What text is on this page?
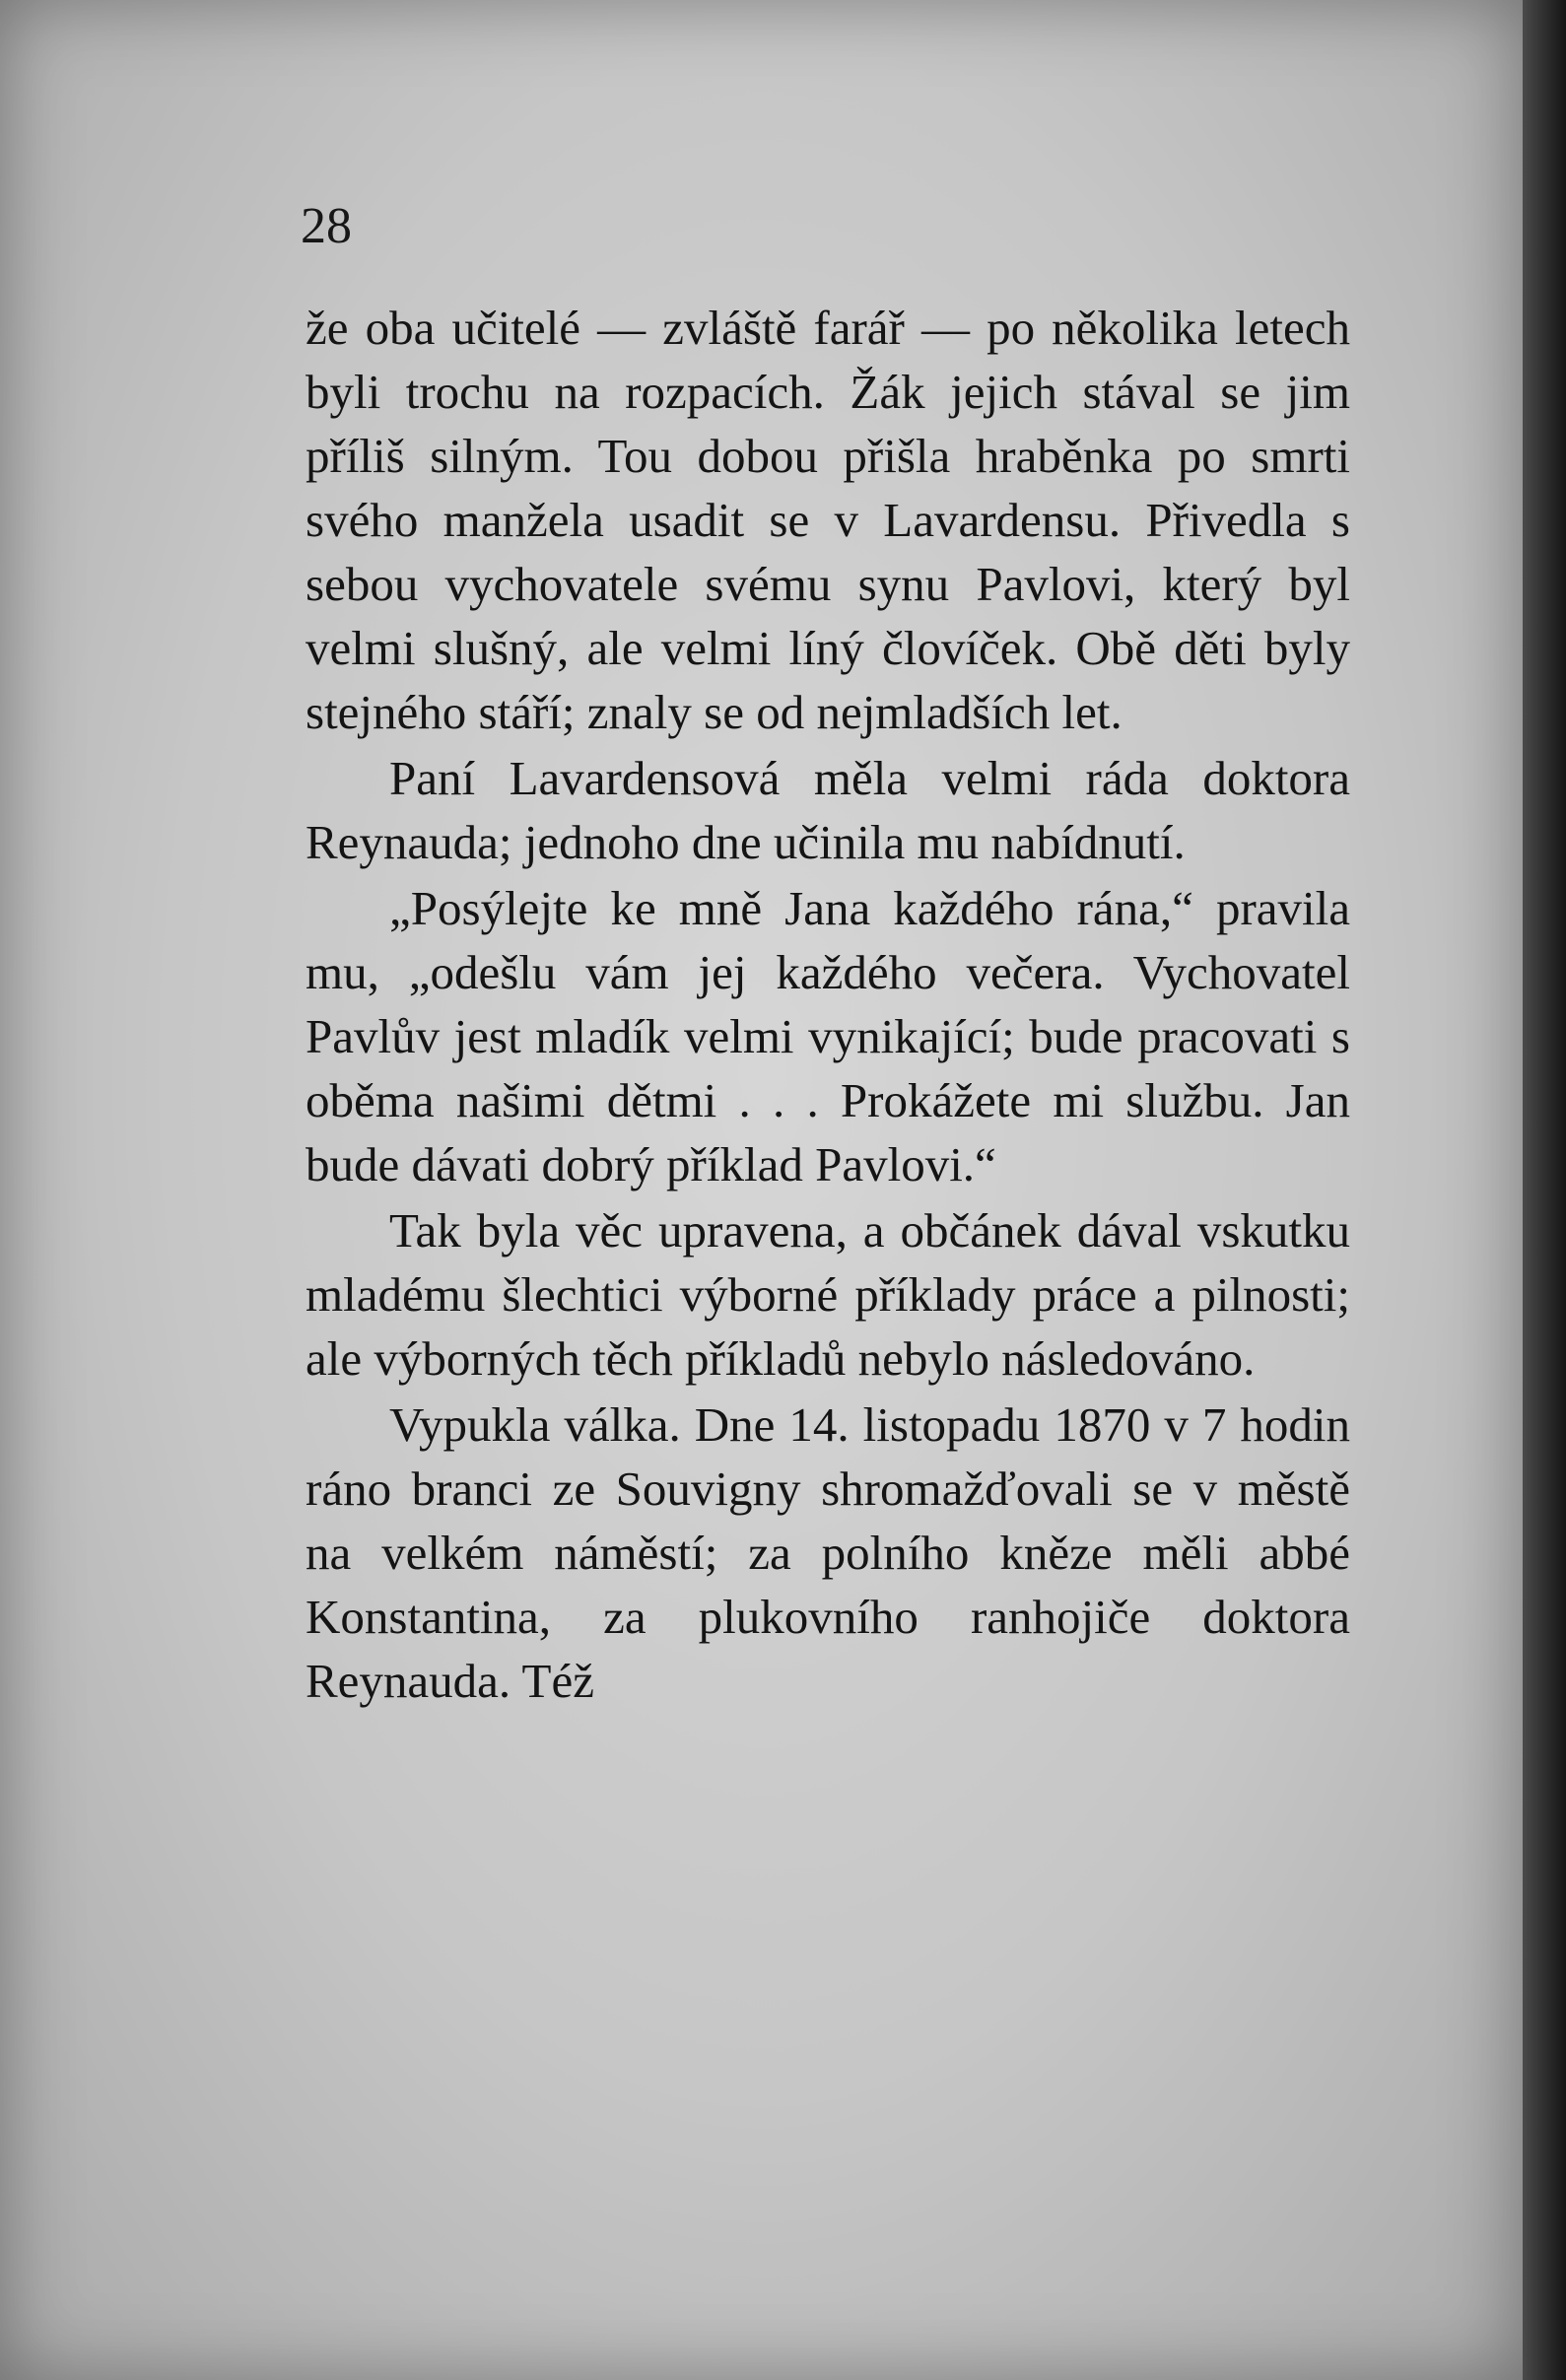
28

že oba učitelé — zvláště farář — po několika letech byli trochu na rozpacích. Žák jejich stával se jim příliš silným. Tou dobou přišla hraběnka po smrti svého manžela usadit se v Lavardensu. Přivedla s sebou vychovatele svému synu Pavlovi, který byl velmi slušný, ale velmi líný človíček. Obě děti byly stejného stáří; znaly se od nejmladších let.

Paní Lavardensová měla velmi ráda doktora Reynauda; jednoho dne učinila mu nabídnutí.

„Posýlejte ke mně Jana každého rána,“ pravila mu, „odešlu vám jej každého večera. Vychovatel Pavlův jest mladík velmi vynikající; bude pracovati s oběma našimi dětmi . . . Prokážete mi službu. Jan bude dávati dobrý příklad Pavlovi.“

Tak byla věc upravena, a občánek dával vskutku mladému šlechtici výborné příklady práce a pilnosti; ale výborných těch příkladů nebylo následováno.

Vypukla válka. Dne 14. listopadu 1870 v 7 hodin ráno branci ze Souvigny shromažďovali se v městě na velkém náměstí; za polního kněze měli abbé Konstantina, za plukovního ranhojiče doktora Reynauda. Též
